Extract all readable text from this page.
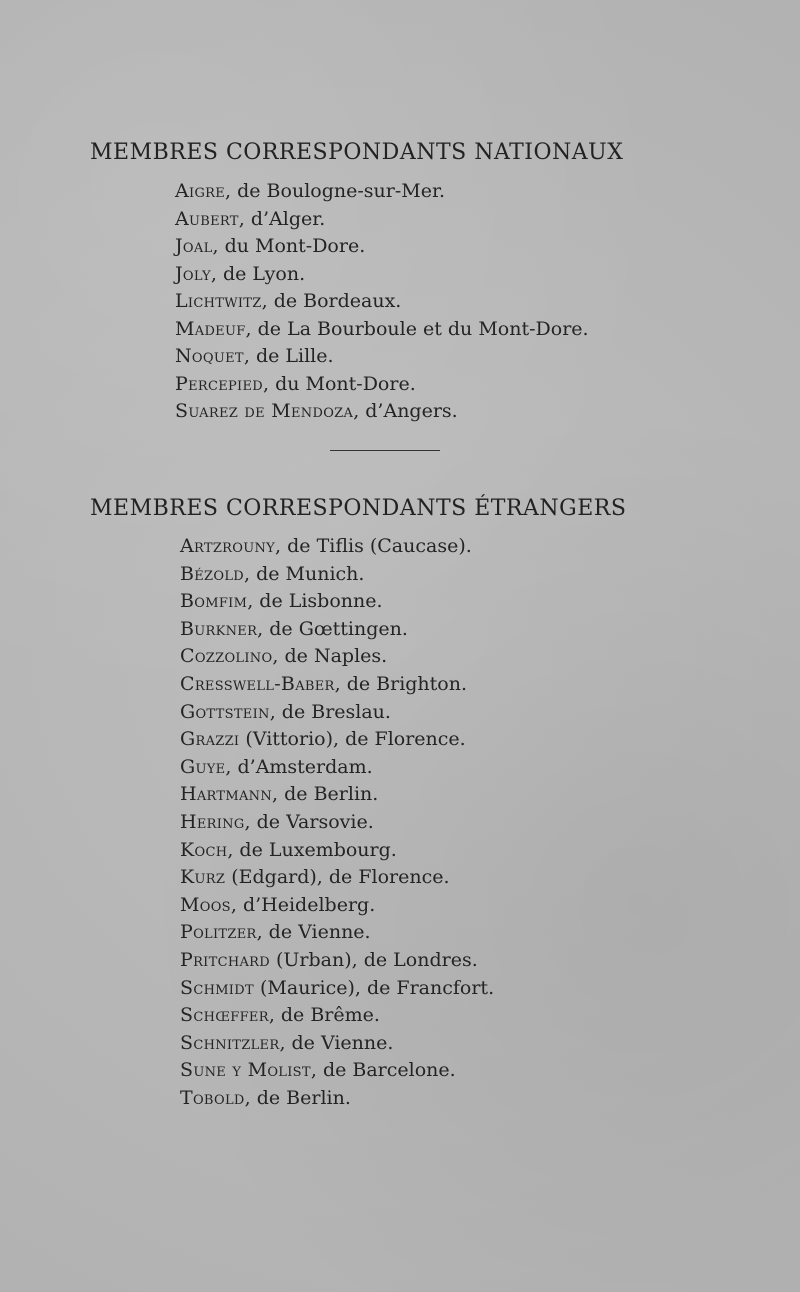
MEMBRES CORRESPONDANTS NATIONAUX
Aigre, de Boulogne-sur-Mer.
Aubert, d’Alger.
Joal, du Mont-Dore.
Joly, de Lyon.
Lichtwitz, de Bordeaux.
Madeuf, de La Bourboule et du Mont-Dore.
Noquet, de Lille.
Percepied, du Mont-Dore.
Suarez de Mendoza, d’Angers.
MEMBRES CORRESPONDANTS ÉTRANGERS
Artzrouny, de Tiflis (Caucase).
Bézold, de Munich.
Bomfim, de Lisbonne.
Burkner, de Gœttingen.
Cozzolino, de Naples.
Cresswell-Baber, de Brighton.
Gottstein, de Breslau.
Grazzi (Vittorio), de Florence.
Guye, d’Amsterdam.
Hartmann, de Berlin.
Hering, de Varsovie.
Koch, de Luxembourg.
Kurz (Edgard), de Florence.
Moos, d’Heidelberg.
Politzer, de Vienne.
Pritchard (Urban), de Londres.
Schmidt (Maurice), de Francfort.
Schœffer, de Brême.
Schnitzler, de Vienne.
Sune y Molist, de Barcelone.
Tobold, de Berlin.
